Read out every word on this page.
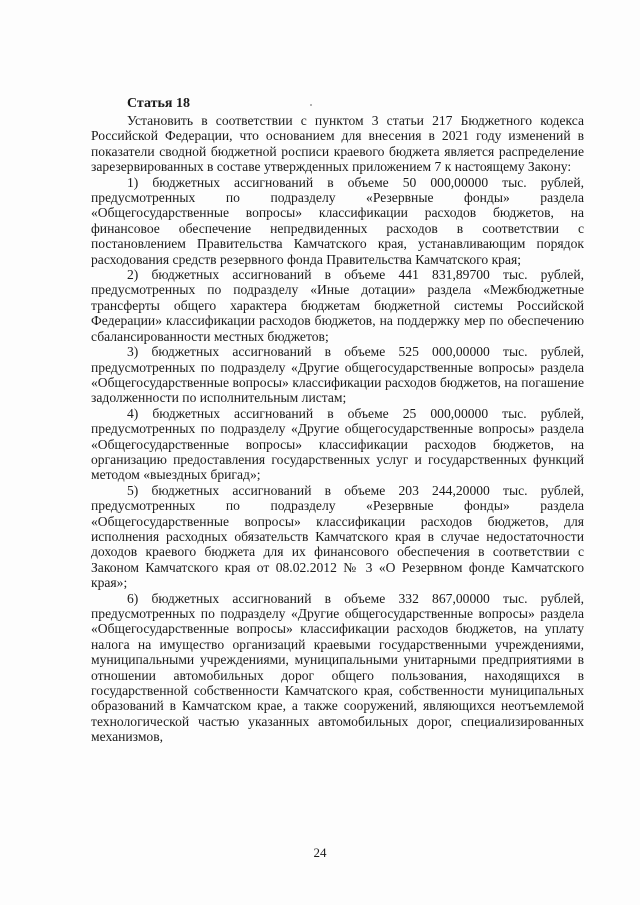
Статья 18

Установить в соответствии с пунктом 3 статьи 217 Бюджетного кодекса Российской Федерации, что основанием для внесения в 2021 году изменений в показатели сводной бюджетной росписи краевого бюджета является распределение зарезервированных в составе утвержденных приложением 7 к настоящему Закону:

1) бюджетных ассигнований в объеме 50 000,00000 тыс. рублей, предусмотренных по подразделу «Резервные фонды» раздела «Общегосударственные вопросы» классификации расходов бюджетов, на финансовое обеспечение непредвиденных расходов в соответствии с постановлением Правительства Камчатского края, устанавливающим порядок расходования средств резервного фонда Правительства Камчатского края;

2) бюджетных ассигнований в объеме 441 831,89700 тыс. рублей, предусмотренных по подразделу «Иные дотации» раздела «Межбюджетные трансферты общего характера бюджетам бюджетной системы Российской Федерации» классификации расходов бюджетов, на поддержку мер по обеспечению сбалансированности местных бюджетов;

3) бюджетных ассигнований в объеме 525 000,00000 тыс. рублей, предусмотренных по подразделу «Другие общегосударственные вопросы» раздела «Общегосударственные вопросы» классификации расходов бюджетов, на погашение задолженности по исполнительным листам;

4) бюджетных ассигнований в объеме 25 000,00000 тыс. рублей, предусмотренных по подразделу «Другие общегосударственные вопросы» раздела «Общегосударственные вопросы» классификации расходов бюджетов, на организацию предоставления государственных услуг и государственных функций методом «выездных бригад»;

5) бюджетных ассигнований в объеме 203 244,20000 тыс. рублей, предусмотренных по подразделу «Резервные фонды» раздела «Общегосударственные вопросы» классификации расходов бюджетов, для исполнения расходных обязательств Камчатского края в случае недостаточности доходов краевого бюджета для их финансового обеспечения в соответствии с Законом Камчатского края от 08.02.2012 № 3 «О Резервном фонде Камчатского края»;

6) бюджетных ассигнований в объеме 332 867,00000 тыс. рублей, предусмотренных по подразделу «Другие общегосударственные вопросы» раздела «Общегосударственные вопросы» классификации расходов бюджетов, на уплату налога на имущество организаций краевыми государственными учреждениями, муниципальными учреждениями, муниципальными унитарными предприятиями в отношении автомобильных дорог общего пользования, находящихся в государственной собственности Камчатского края, собственности муниципальных образований в Камчатском крае, а также сооружений, являющихся неотъемлемой технологической частью указанных автомобильных дорог, специализированных механизмов,

24
